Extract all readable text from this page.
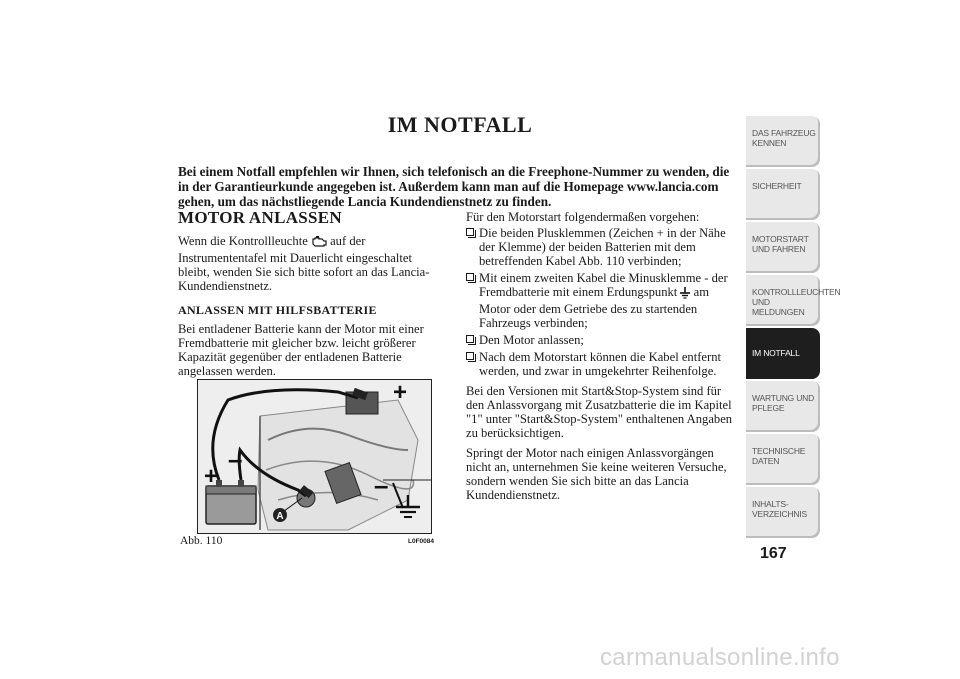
IM NOTFALL
Bei einem Notfall empfehlen wir Ihnen, sich telefonisch an die Freephone-Nummer zu wenden, die in der Garantieurkunde angegeben ist. Außerdem kann man auf die Homepage www.lancia.com gehen, um das nächstliegende Lancia Kundendienstnetz zu finden.
MOTOR ANLASSEN

Wenn die Kontrollleuchte auf der Instrumententafel mit Dauerlicht eingeschaltet bleibt, wenden Sie sich bitte sofort an das Lancia-Kundendienstnetz.

ANLASSEN MIT HILFSBATTERIE

Bei entladener Batterie kann der Motor mit einer Fremdbatterie mit gleicher bzw. leicht größerer Kapazität gegenüber der entladenen Batterie angelassen werden.

A
+
–
+
–
Abb. 110	L0F0084

Für den Motorstart folgendermaßen vorgehen:

Die beiden Plusklemmen (Zeichen + in der Nähe der Klemme) der beiden Batterien mit dem betreffenden Kabel Abb. 110 verbinden;
Mit einem zweiten Kabel die Minusklemme - der Fremdbatterie mit einem Erdungspunkt am Motor oder dem Getriebe des zu startenden Fahrzeugs verbinden;
Den Motor anlassen;
Nach dem Motorstart können die Kabel entfernt werden, und zwar in umgekehrter Reihenfolge.

Bei den Versionen mit Start&Stop-System sind für den Anlassvorgang mit Zusatzbatterie die im Kapitel "1" unter "Start&Stop-System" enthaltenen Angaben zu berücksichtigen.

Springt der Motor nach einigen Anlassvorgängen nicht an, unternehmen Sie keine weiteren Versuche, sondern wenden Sie sich bitte an das Lancia Kundendienstnetz.

DAS FAHRZEUG KENNEN
SICHERHEIT
MOTORSTART UND FAHREN
KONTROLLLEUCHTEN UND MELDUNGEN
IM NOTFALL
WARTUNG UND PFLEGE
TECHNISCHE DATEN
INHALTS-VERZEICHNIS
167
carmanualsonline.info
